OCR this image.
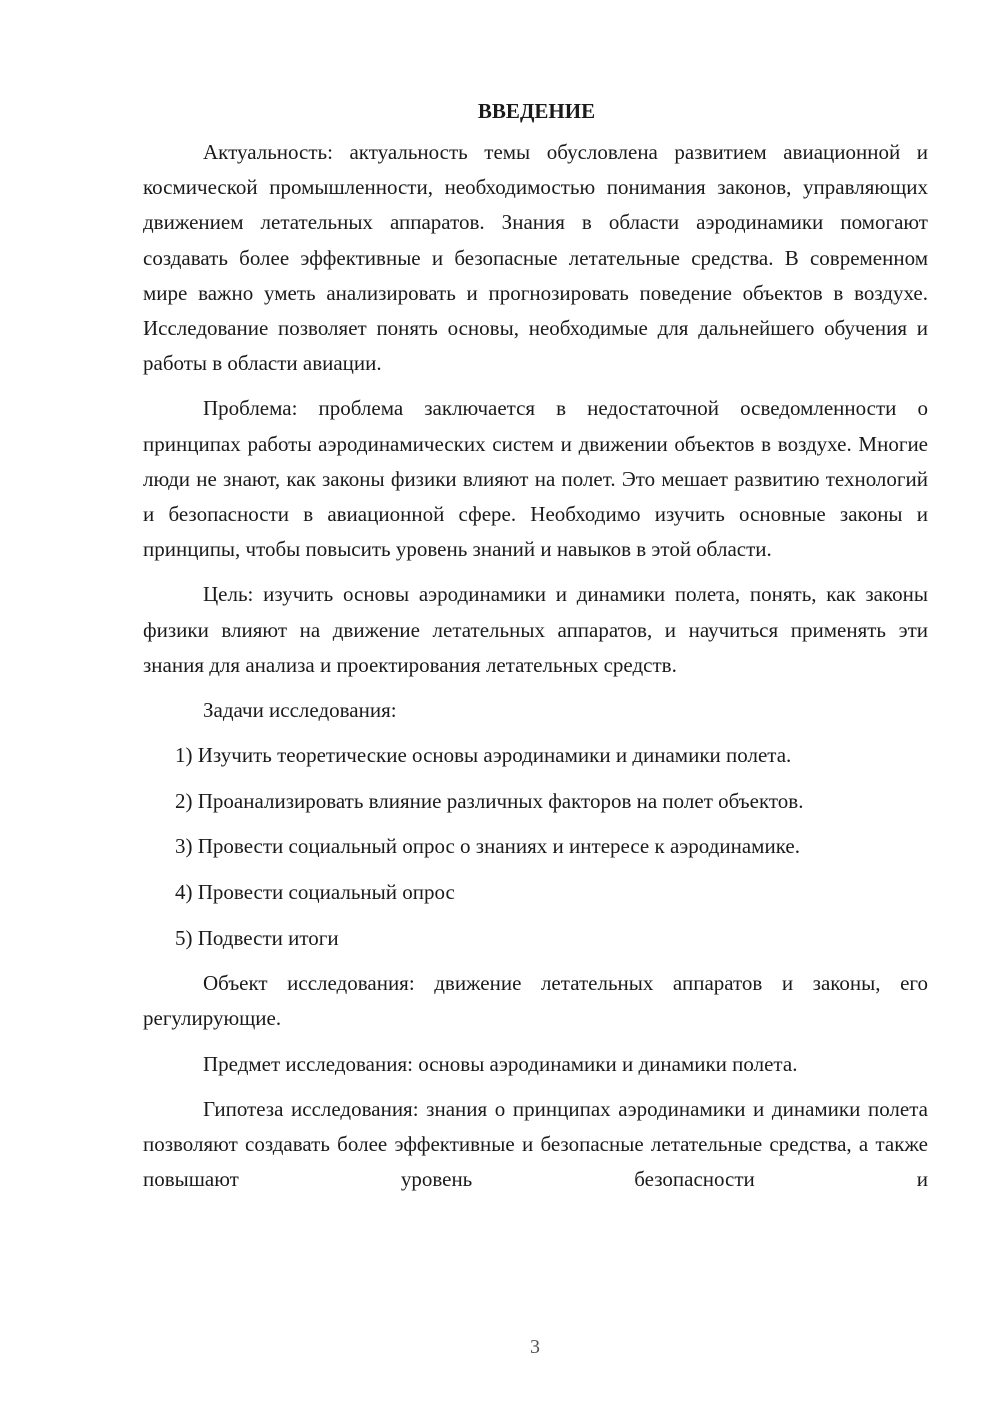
ВВЕДЕНИЕ

Актуальность: актуальность темы обусловлена развитием авиационной и космической промышленности, необходимостью понимания законов, управляющих движением летательных аппаратов. Знания в области аэродинамики помогают создавать более эффективные и безопасные летательные средства. В современном мире важно уметь анализировать и прогнозировать поведение объектов в воздухе. Исследование позволяет понять основы, необходимые для дальнейшего обучения и работы в области авиации.

Проблема: проблема заключается в недостаточной осведомленности о принципах работы аэродинамических систем и движении объектов в воздухе. Многие люди не знают, как законы физики влияют на полет. Это мешает развитию технологий и безопасности в авиационной сфере. Необходимо изучить основные законы и принципы, чтобы повысить уровень знаний и навыков в этой области.

Цель: изучить основы аэродинамики и динамики полета, понять, как законы физики влияют на движение летательных аппаратов, и научиться применять эти знания для анализа и проектирования летательных средств.

Задачи исследования:

1) Изучить теоретические основы аэродинамики и динамики полета.
2) Проанализировать влияние различных факторов на полет объектов.
3) Провести социальный опрос о знаниях и интересе к аэродинамике.
4) Провести социальный опрос
5) Подвести итоги

Объект исследования: движение летательных аппаратов и законы, его регулирующие.

Предмет исследования: основы аэродинамики и динамики полета.

Гипотеза исследования: знания о принципах аэродинамики и динамики полета позволяют создавать более эффективные и безопасные летательные средства, а также повышают уровень безопасности и

3
